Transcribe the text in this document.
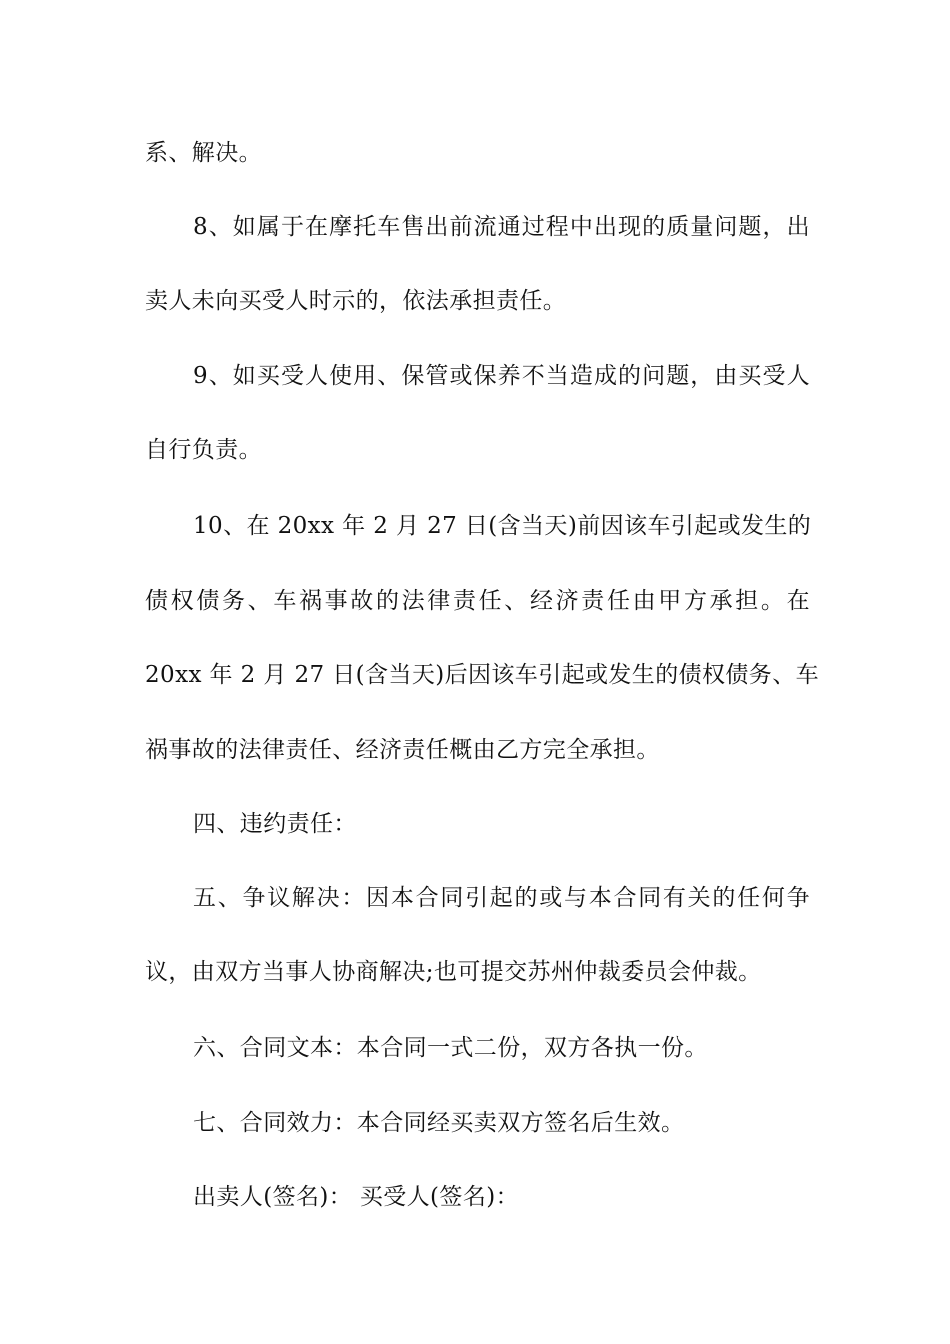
系、解决。
8、如属于在摩托车售出前流通过程中出现的质量问题，出
卖人未向买受人时示的，依法承担责任。
9、如买受人使用、保管或保养不当造成的问题，由买受人
自行负责。
10、在 20xx 年 2 月 27 日(含当天)前因该车引起或发生的
债权债务、车祸事故的法律责任、经济责任由甲方承担。在
20xx 年 2 月 27 日(含当天)后因该车引起或发生的债权债务、车
祸事故的法律责任、经济责任概由乙方完全承担。
四、违约责任：
五、争议解决：因本合同引起的或与本合同有关的任何争
议，由双方当事人协商解决;也可提交苏州仲裁委员会仲裁。
六、合同文本：本合同一式二份，双方各执一份。
七、合同效力：本合同经买卖双方签名后生效。
出卖人(签名)： 买受人(签名)：
